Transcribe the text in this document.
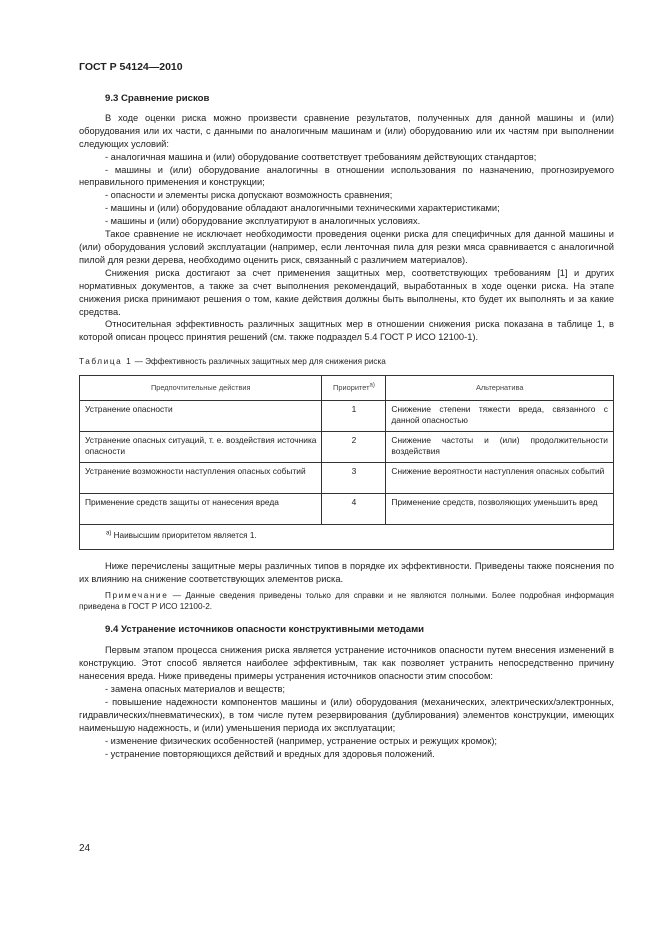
ГОСТ Р 54124—2010
9.3 Сравнение рисков

В ходе оценки риска можно произвести сравнение результатов, полученных для данной машины и (или) оборудования или их части, с данными по аналогичным машинам и (или) оборудованию или их частям при выполнении следующих условий:

- аналогичная машина и (или) оборудование соответствует требованиям действующих стандартов;

- машины и (или) оборудование аналогичны в отношении использования по назначению, прогнозируемого неправильного применения и конструкции;

- опасности и элементы риска допускают возможность сравнения;

- машины и (или) оборудование обладают аналогичными техническими характеристиками;

- машины и (или) оборудование эксплуатируют в аналогичных условиях.

Такое сравнение не исключает необходимости проведения оценки риска для специфичных для данной машины и (или) оборудования условий эксплуатации (например, если ленточная пила для резки мяса сравнивается с аналогичной пилой для резки дерева, необходимо оценить риск, связанный с различием материалов).

Снижения риска достигают за счет применения защитных мер, соответствующих требованиям [1] и других нормативных документов, а также за счет выполнения рекомендаций, выработанных в ходе оценки риска. На этапе снижения риска принимают решения о том, какие действия должны быть выполнены, кто будет их выполнять и за какие средства.

Относительная эффективность различных защитных мер в отношении снижения риска показана в таблице 1, в которой описан процесс принятия решений (см. также подраздел 5.4 ГОСТ Р ИСО 12100-1).

Таблица 1 — Эффективность различных защитных мер для снижения риска
Предпочтительные действия	Приоритет$^{а)}$	Альтернатива
Устранение опасности	1	Снижение степени тяжести вреда, связанного с данной опасностью
Устранение опасных ситуаций, т. е. воздействия источника опасности	2	Снижение частоты и (или) продолжительности воздействия
Устранение возможности наступления опасных событий	3	Снижение вероятности наступления опасных событий
Применение средств защиты от нанесения вреда	4	Применение средств, позволяющих уменьшить вред
$^{а)}$ Наивысшим приоритетом является 1.		

Ниже перечислены защитные меры различных типов в порядке их эффективности. Приведены также пояснения по их влиянию на снижение соответствующих элементов риска.

Примечание — Данные сведения приведены только для справки и не являются полными. Более подробная информация приведена в ГОСТ Р ИСО 12100-2.

9.4 Устранение источников опасности конструктивными методами

Первым этапом процесса снижения риска является устранение источников опасности путем внесения изменений в конструкцию. Этот способ является наиболее эффективным, так как позволяет устранить непосредственно причину нанесения вреда. Ниже приведены примеры устранения источников опасности этим способом:

- замена опасных материалов и веществ;

- повышение надежности компонентов машины и (или) оборудования (механических, электрических/электронных, гидравлических/пневматических), в том числе путем резервирования (дублирования) элементов конструкции, имеющих наименьшую надежность, и (или) уменьшения периода их эксплуатации;

- изменение физических особенностей (например, устранение острых и режущих кромок);

- устранение повторяющихся действий и вредных для здоровья положений.

24
